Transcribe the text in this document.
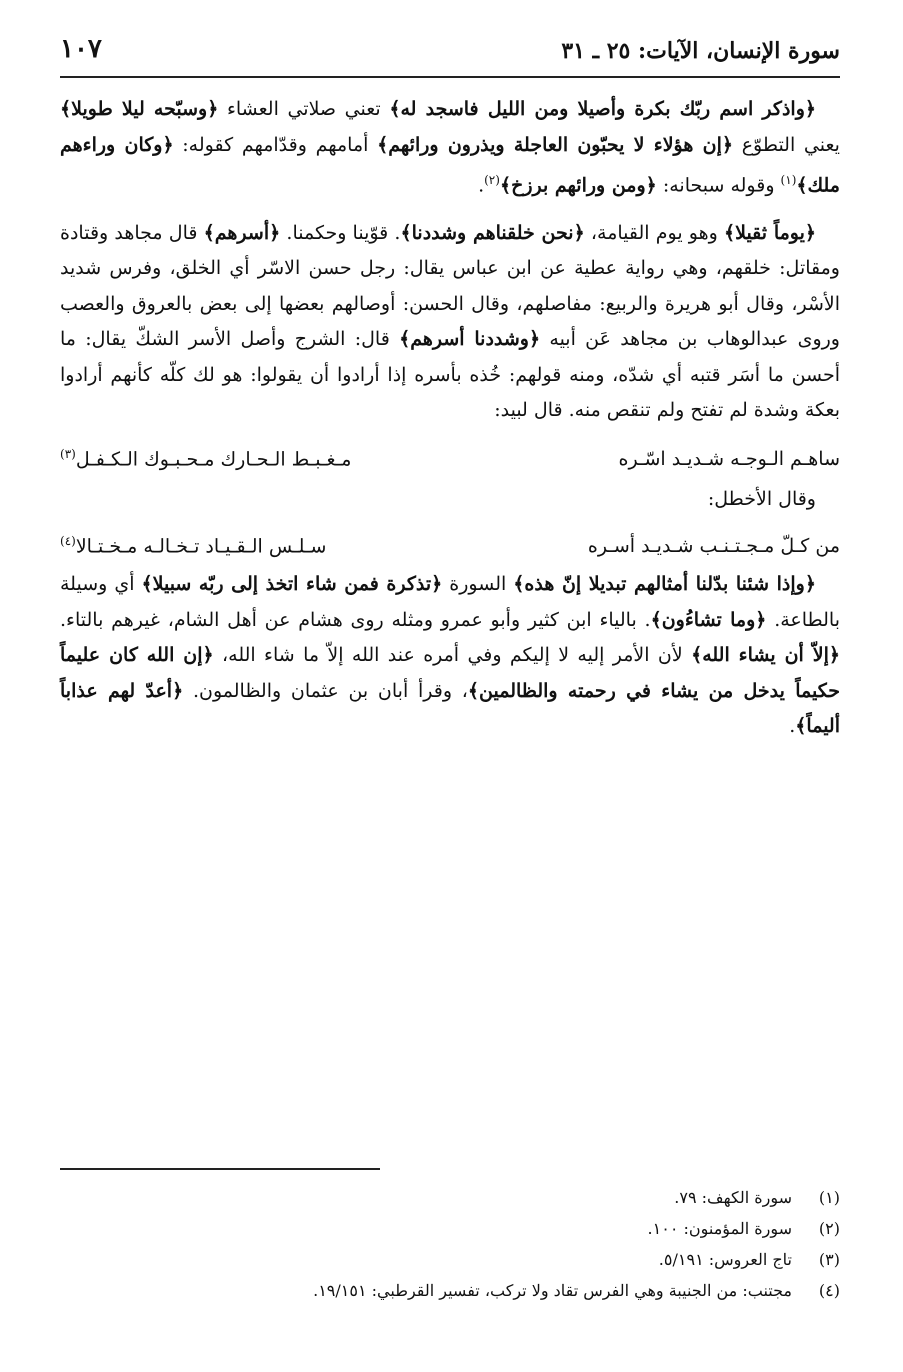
سورة الإنسان، الآيات: ٢٥ ـ ٣١
١٠٧

﴿واذكر اسم ربّك بكرة وأصيلا ومن الليل فاسجد له﴾ تعني صلاتي العشاء ﴿وسبّحه ليلا طويلا﴾ يعني التطوّع ﴿إن هؤلاء لا يحبّون العاجلة ويذرون ورائهم﴾ أمامهم وقدّامهم كقوله: ﴿وكان وراءهم ملك﴾$^{(١)}$ وقوله سبحانه: ﴿ومن ورائهم برزخ﴾$^{(٢)}$.

﴿يوماً ثقيلا﴾ وهو يوم القيامة، ﴿نحن خلقناهم وشددنا﴾. قوّينا وحكمنا. ﴿أسرهم﴾ قال مجاهد وقتادة ومقاتل: خلقهم، وهي رواية عطية عن ابن عباس يقال: رجل حسن الاسّر أي الخلق، وفرس شديد الأسْر، وقال أبو هريرة والربيع: مفاصلهم، وقال الحسن: أوصالهم بعضها إلى بعض بالعروق والعصب وروى عبدالوهاب بن مجاهد عَن أبيه ﴿وشددنا أسرهم﴾ قال: الشرج وأصل الأسر الشكّ يقال: ما أحسن ما أسَر قتبه أي شدّه، ومنه قولهم: خُذه بأسره إذا أرادوا أن يقولوا: هو لك كلّه كأنهم أرادوا بعكة وشدة لم تفتح ولم تنقص منه. قال لبيد:

ساهـم الـوجـه شـديـد اسّـره
مـغـبـط الـحـارك مـحـبـوك الـكـفـل$^{(٣)}$
وقال الأخطل:
من كـلّ مـجـتـنـب شـديـد أسـره
سـلـس الـقـيـاد تـخـالـه مـخـتـالا$^{(٤)}$

﴿وإذا شئنا بدّلنا أمثالهم تبديلا إنّ هذه﴾ السورة ﴿تذكرة فمن شاء اتخذ إلى ربّه سبيلا﴾ أي وسيلة بالطاعة. ﴿وما تشاءُون﴾. بالياء ابن كثير وأبو عمرو ومثله روى هشام عن أهل الشام، غيرهم بالتاء. ﴿إلاّ أن يشاء الله﴾ لأن الأمر إليه لا إليكم وفي أمره عند الله إلاّ ما شاء الله، ﴿إن الله كان عليماً حكيماً يدخل من يشاء في رحمته والظالمين﴾، وقرأ أبان بن عثمان والظالمون. ﴿أعدّ لهم عذاباً أليماً﴾.

(١)
سورة الكهف: ٧٩.
(٢)
سورة المؤمنون: ١٠٠.
(٣)
تاج العروس: ٥/١٩١.
(٤)
مجتنب: من الجنيبة وهي الفرس تقاد ولا تركب، تفسير القرطبي: ١٩/١٥١.
